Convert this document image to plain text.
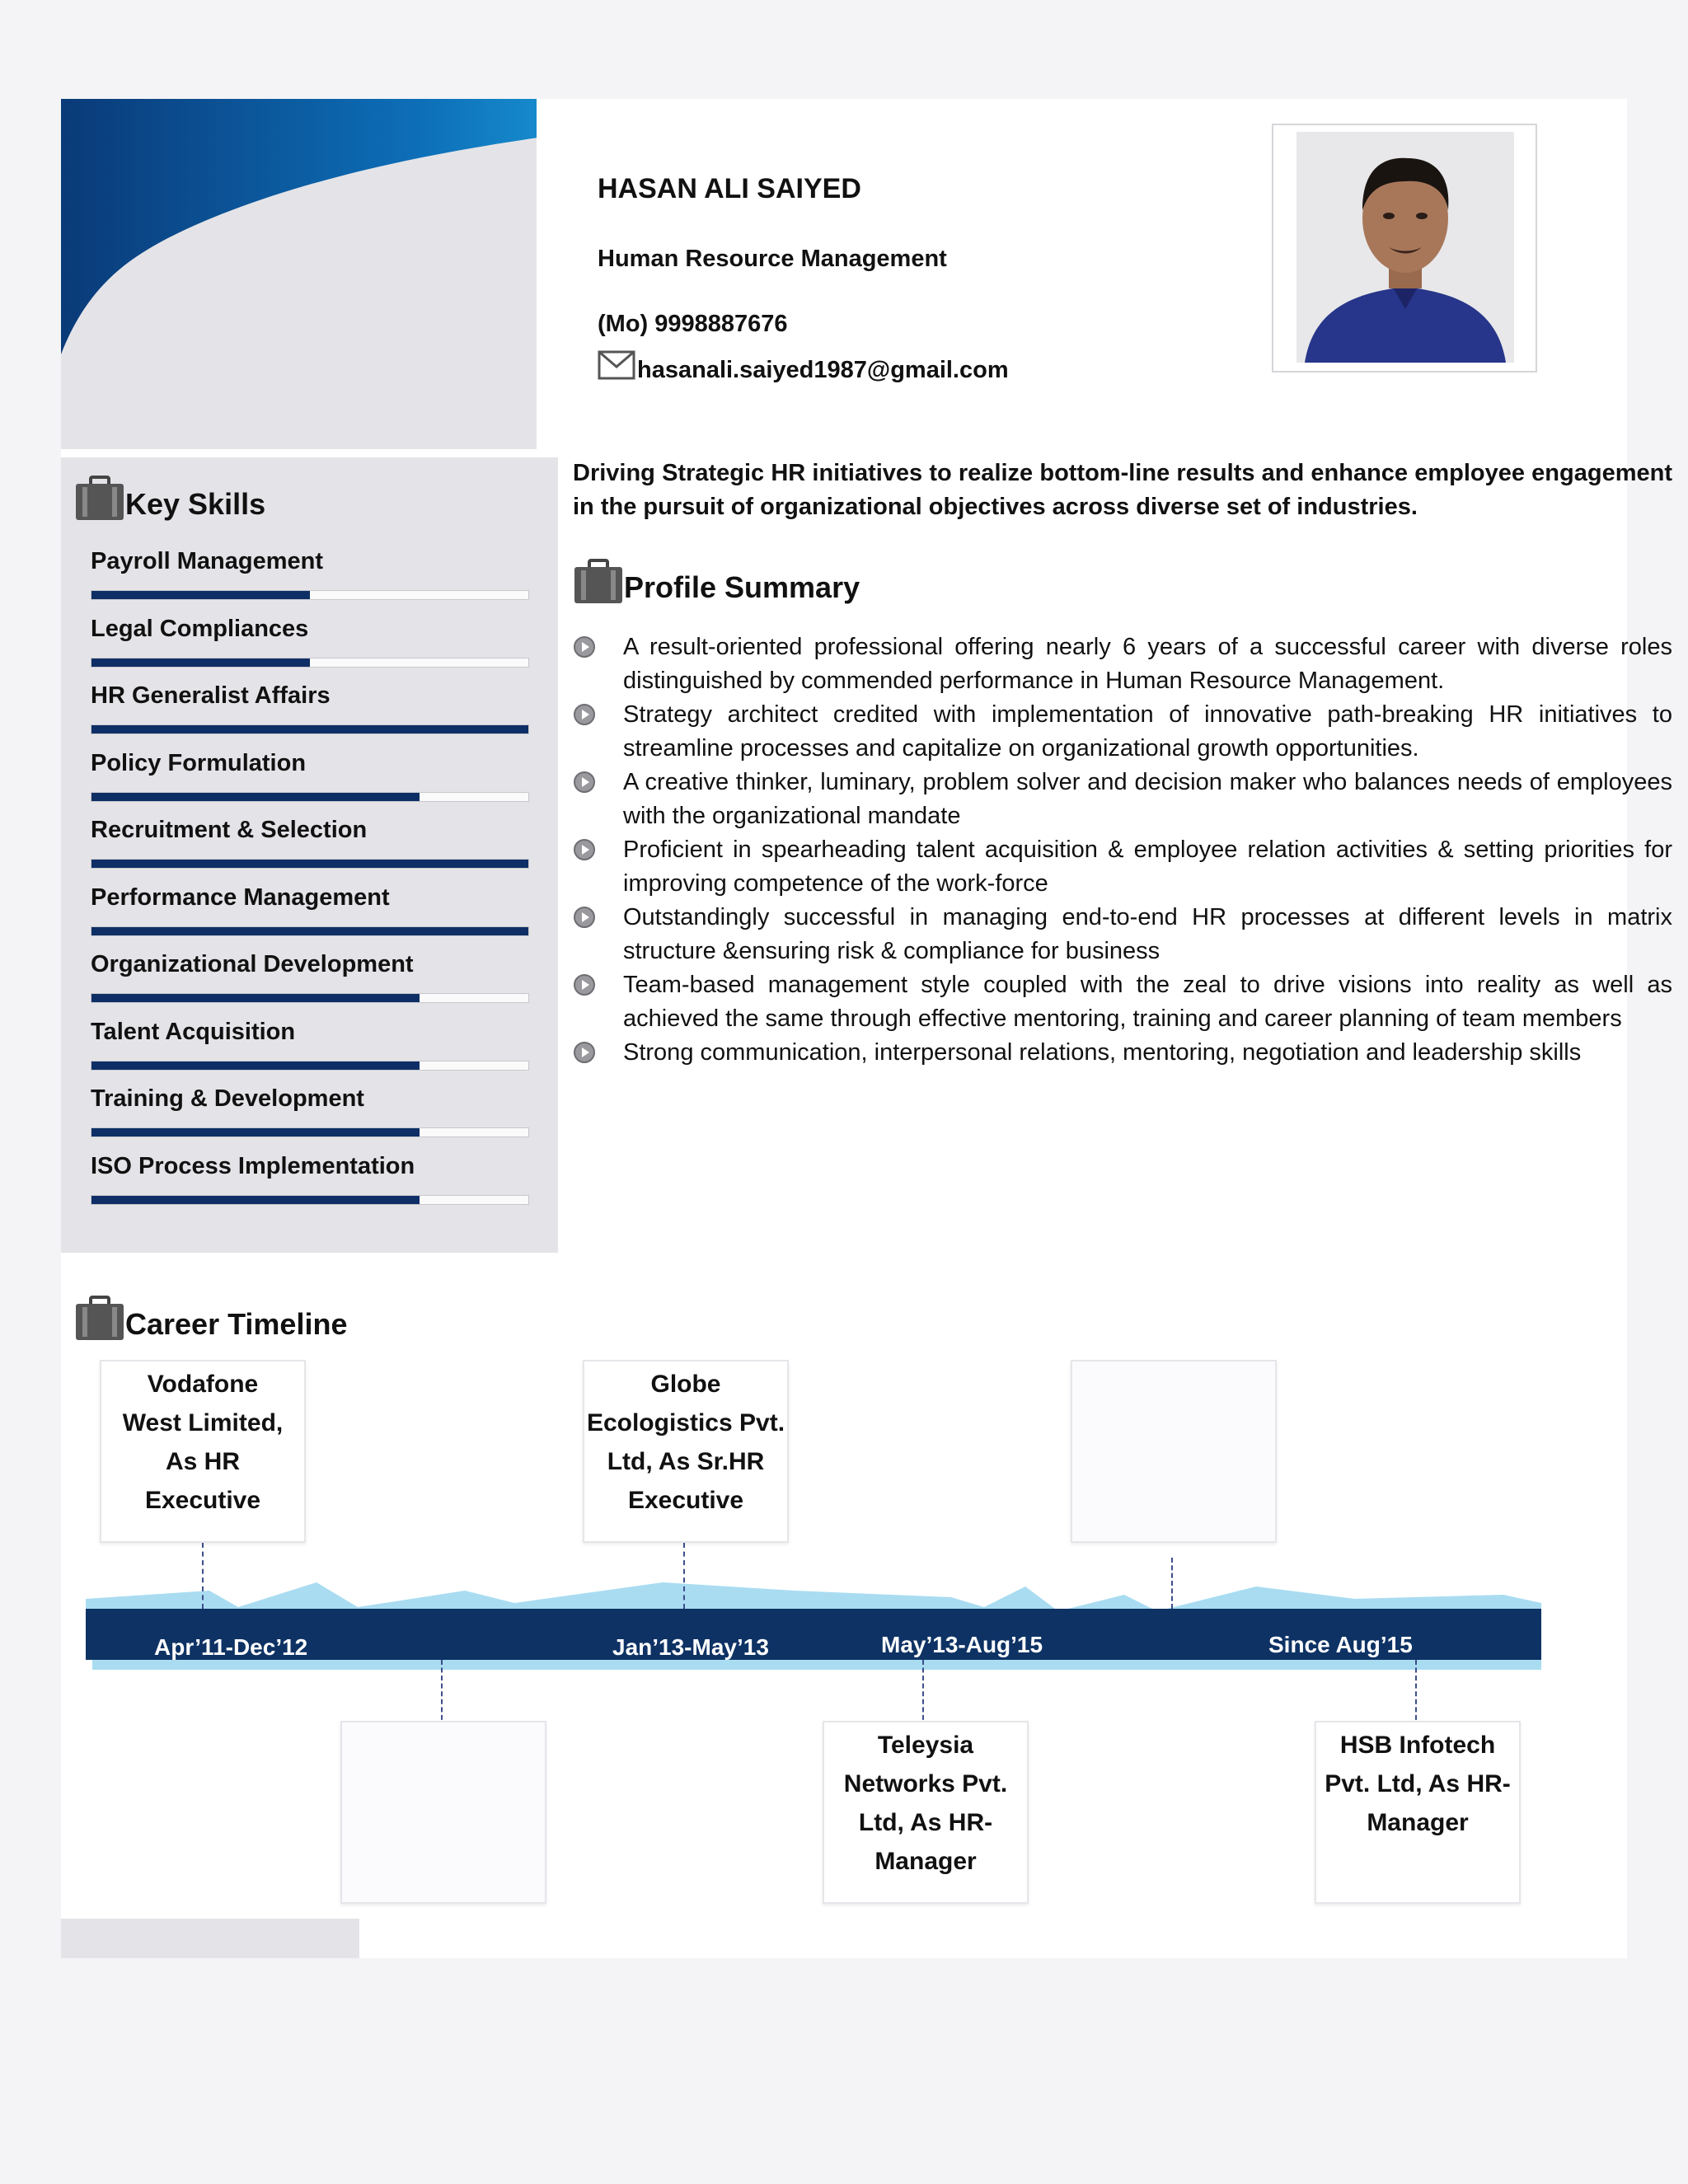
HASAN ALI SAIYED
Human Resource Management
(Mo) 9998887676
hasanali.saiyed1987@gmail.com
Key Skills
Payroll Management
Legal Compliances
HR Generalist Affairs
Policy Formulation
Recruitment & Selection
Performance Management
Organizational Development
Talent Acquisition
Training & Development
ISO Process Implementation
Driving Strategic HR initiatives to realize bottom-line results and enhance employee engagement in the pursuit of organizational objectives across diverse set of industries.
Profile Summary
A result-oriented professional offering nearly 6 years of a successful career with diverse roles distinguished by commended performance in Human Resource Management.
Strategy architect credited with implementation of innovative path-breaking HR initiatives to streamline processes and capitalize on organizational growth opportunities.
A creative thinker, luminary, problem solver and decision maker who balances needs of employees with the organizational mandate
Proficient in spearheading talent acquisition & employee relation activities & setting priorities for improving competence of the work-force
Outstandingly successful in managing end-to-end HR processes at different levels in matrix structure &ensuring risk & compliance for business
Team-based management style coupled with the zeal to drive visions into reality as well as achieved the same through effective mentoring, training and career planning of team members
Strong communication, interpersonal relations, mentoring, negotiation and leadership skills
Career Timeline
Apr’11-Dec’12	Jan’13-May’13	May’13-Aug’15	Since Aug’15
Vodafone
West Limited,
As HR
Executive
Globe
Ecologistics Pvt.
Ltd, As Sr.HR
Executive
Teleysia
Networks Pvt.
Ltd, As HR-
Manager
HSB Infotech
Pvt. Ltd, As HR-
Manager
